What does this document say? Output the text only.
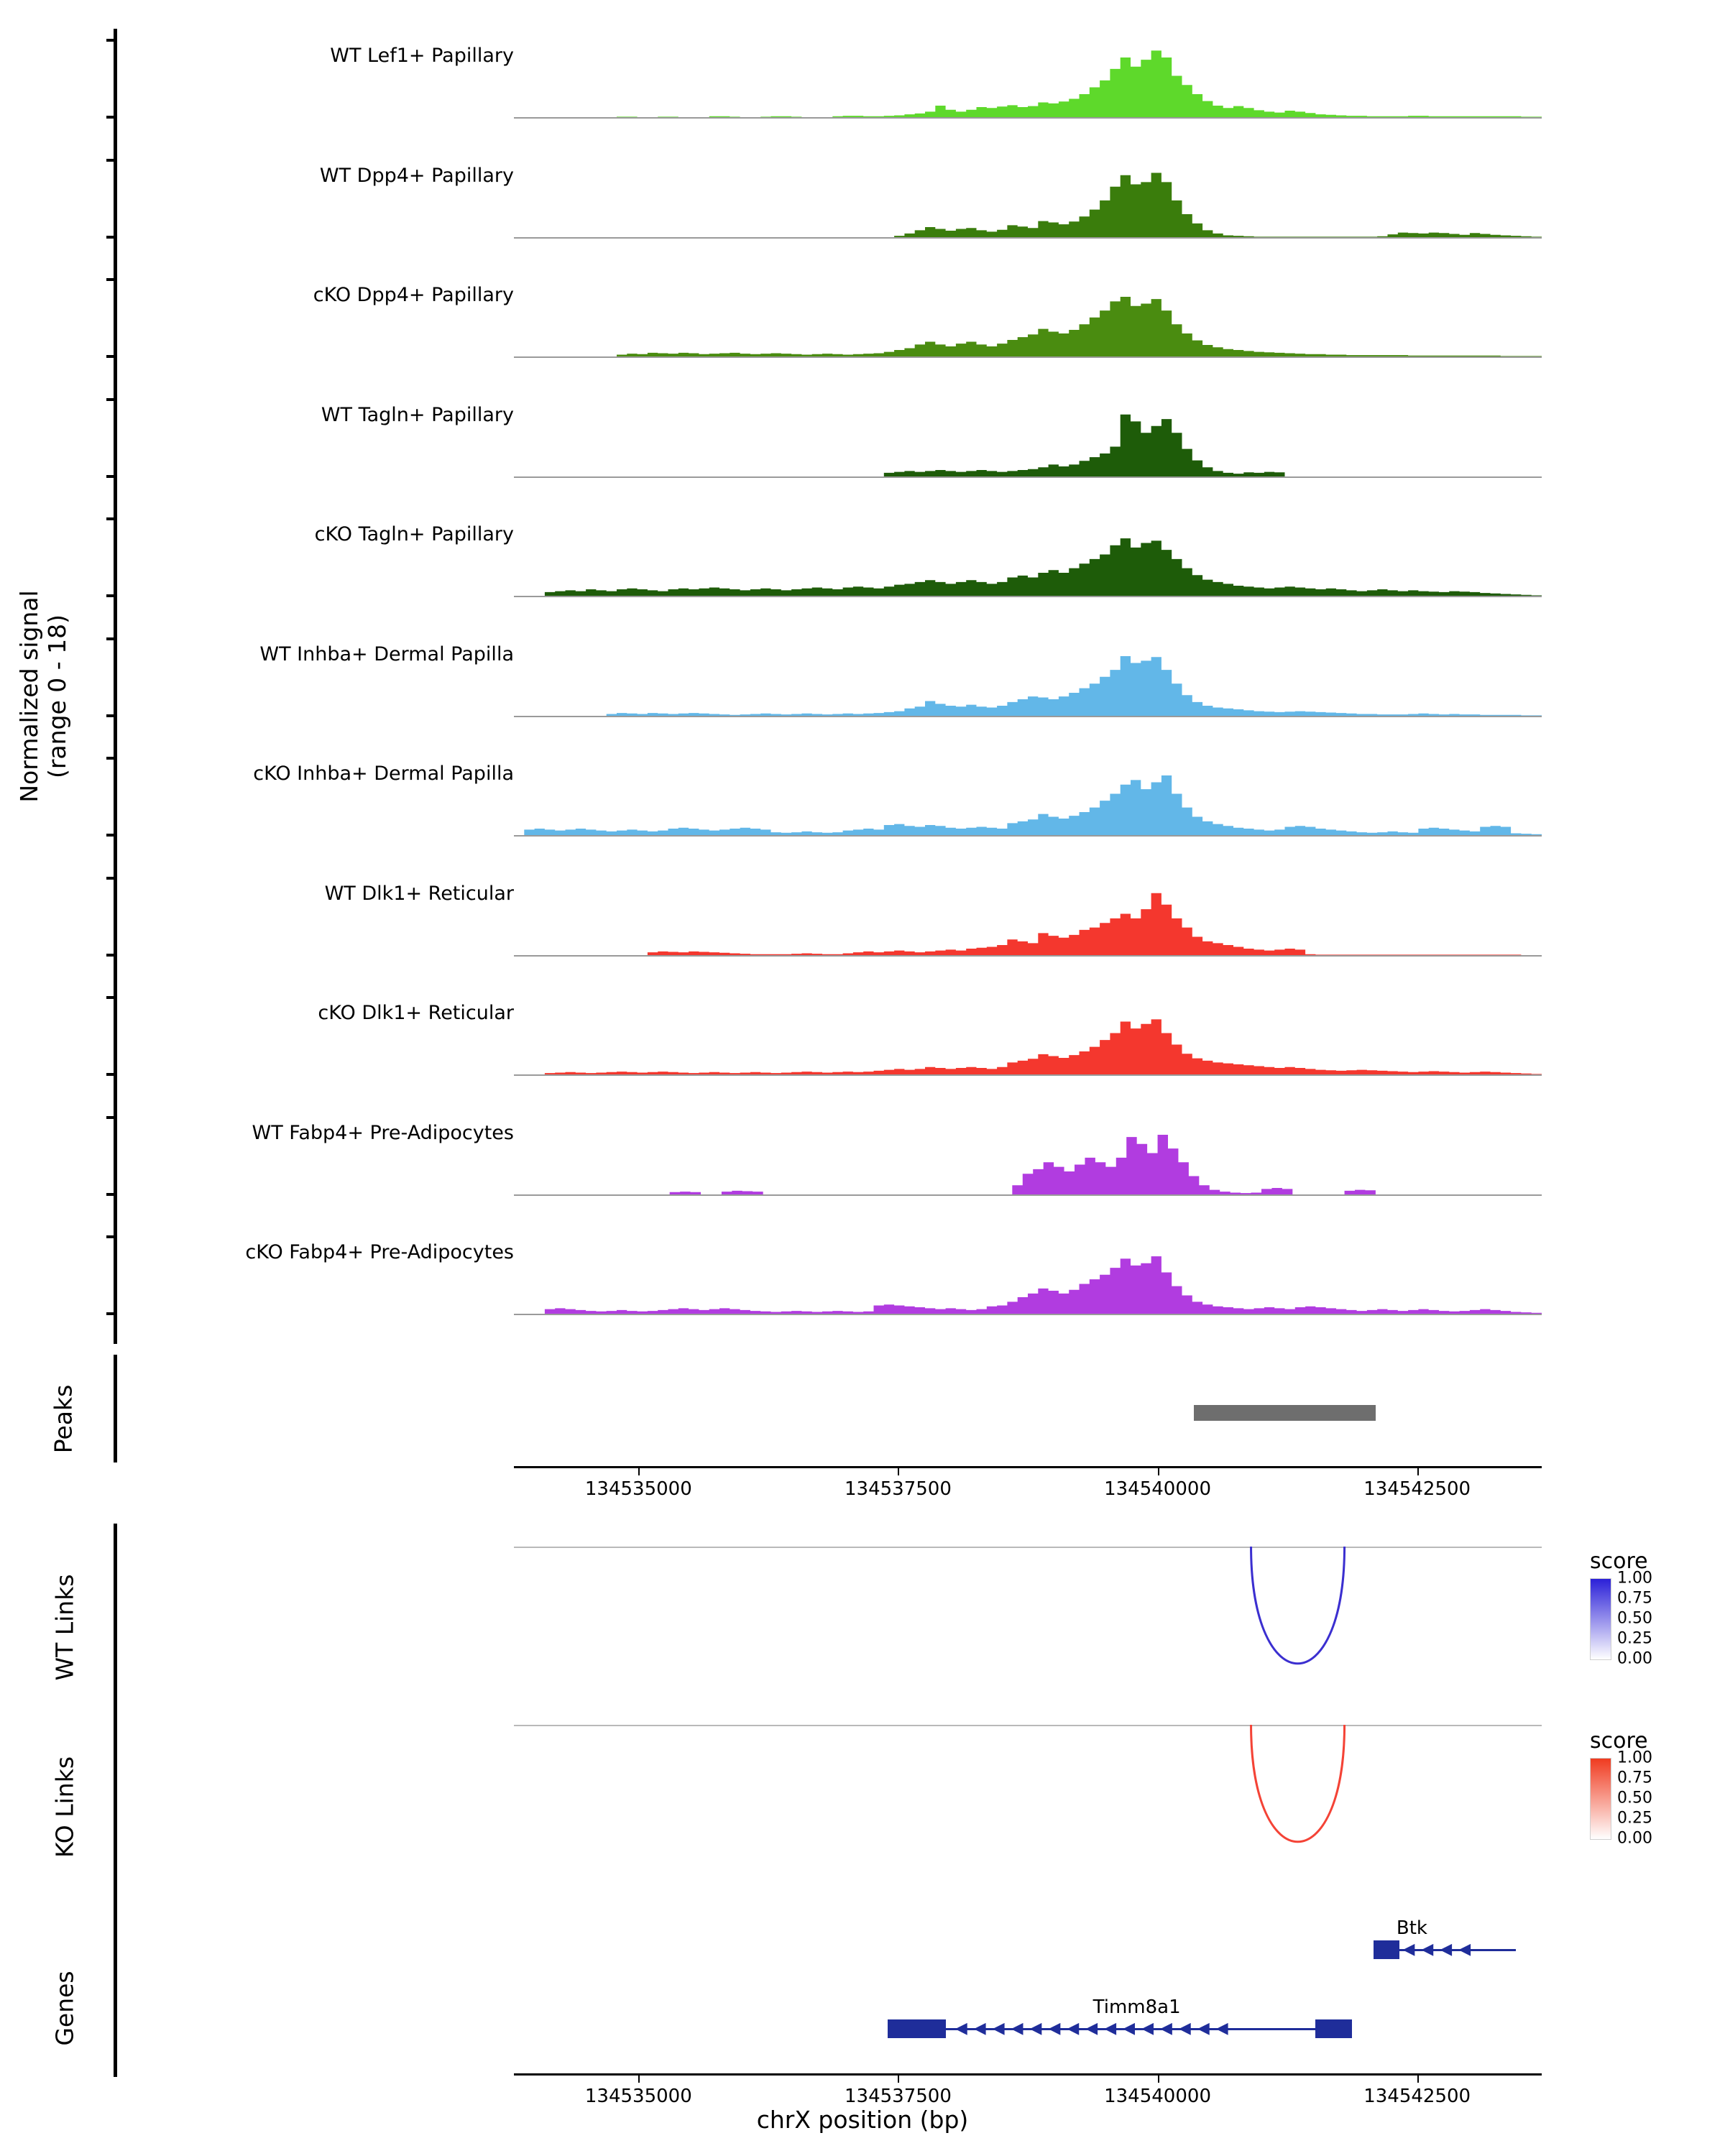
Normalized signal
(range 0 - 18)
WT Lef1+ Papillary
WT Dpp4+ Papillary
cKO Dpp4+ Papillary
WT Tagln+ Papillary
cKO Tagln+ Papillary
WT Inhba+ Dermal Papilla
cKO Inhba+ Dermal Papilla
WT Dlk1+ Reticular
cKO Dlk1+ Reticular
WT Fabp4+ Pre-Adipocytes
cKO Fabp4+ Pre-Adipocytes
Peaks
134535000	134537500	134540000	134542500
WT Links
score
1.00
0.75
0.50
0.25
0.00
KO Links
score
1.00
0.75
0.50
0.25
0.00
Genes
◀◀◀◀
Btk
◀◀◀◀◀◀◀◀◀◀◀◀◀◀◀
Timm8a1
134535000	134537500	134540000	134542500
chrX position (bp)
